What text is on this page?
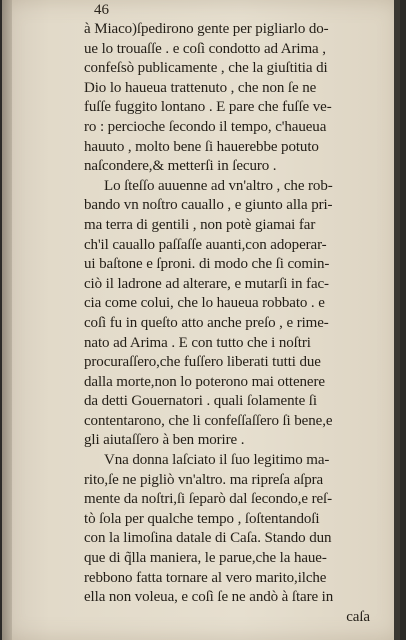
46
à Miaco)ſpedirono gente per pigliarlo do-
ue lo trouaſſe . e coſì condotto ad Arima ,
confeſsò publicamente , che la giuſtitia di
Dio lo haueua trattenuto , che non ſe ne
fuſſe fuggito lontano . E pare che fuſſe ve-
ro : percioche ſecondo il tempo, c'haueua
hauuto , molto bene ſi hauerebbe potuto
naſcondere,& metterſi in ſecuro .
Lo ſteſſo auuenne ad vn'altro , che rob-
bando vn noſtro cauallo , e giunto alla pri-
ma terra di gentili , non potè giamai far
ch'il cauallo paſſaſſe auanti,con adoperar-
ui baſtone e ſproni. di modo che ſi comin-
ciò il ladrone ad alterare, e mutarſi in fac-
cia come colui, che lo haueua robbato . e
coſì fu in queſto atto anche preſo , e rime-
nato ad Arima . E con tutto che i noſtri
procuraſſero,che fuſſero liberati tutti due
dalla morte,non lo poterono mai ottenere
da detti Gouernatori . quali ſolamente ſi
contentarono, che li confeſſaſſero ſi bene,e
gli aiutaſſero à ben morire .
Vna donna laſciato il ſuo legitimo ma-
rito,ſe ne pigliò vn'altro. ma ripreſa aſpra
mente da noſtri,ſi ſeparò dal ſecondo,e reſ-
tò ſola per qualche tempo , ſoſtentandoſi
con la limoſina datale di Caſa. Stando dun
que di q̃lla maniera, le parue,che la haue-
rebbono fatta tornare al vero marito,ilche
ella non voleua, e coſì ſe ne andò à ſtare in
caſa
